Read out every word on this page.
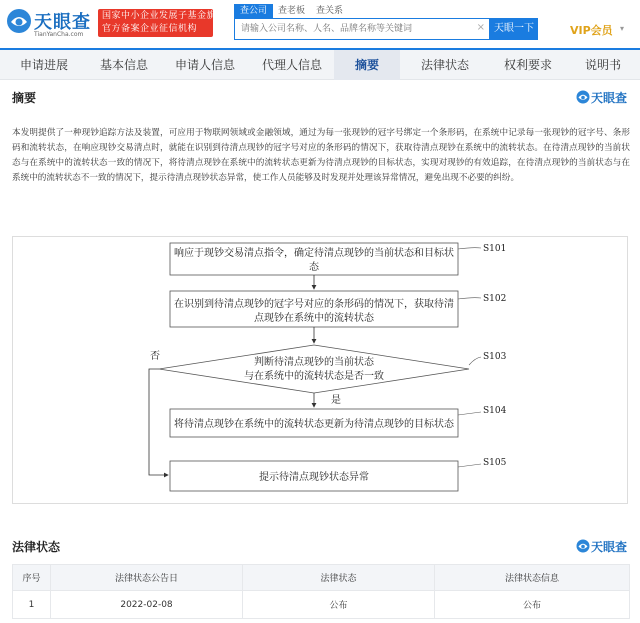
天眼查
TianYanCha.com
国家中小企业发展子基金旗下
官方备案企业征信机构
查公司	查老板 查关系
请输入公司名称、人名、品牌名称等关键词
× 天眼一下	VIP会员 ▾
申请进展	基本信息	申请人信息	代理人信息	摘要	法律状态	权利要求	说明书
摘要	天眼查
本发明提供了一种现钞追踪方法及装置，可应用于物联网领域或金融领域，通过为每一张现钞的冠字号绑定一个条形码，在系统中记录每一张现钞的冠字号、条形码和流转状态，在响应现钞交易清点时，就能在识别到待清点现钞的冠字号对应的条形码的情况下，获取待清点现钞在系统中的流转状态。在待清点现钞的当前状态与在系统中的流转状态一致的情况下，将待清点现钞在系统中的流转状态更新为待清点现钞的目标状态，实现对现钞的有效追踪，在待清点现钞的当前状态与在系统中的流转状态不一致的情况下，提示待清点现钞状态异常，使工作人员能够及时发现并处理该异常情况，避免出现不必要的纠纷。
响应于现钞交易清点指令，确定待清点现钞的当前状态和目标状
态
S101
在识别到待清点现钞的冠字号对应的条形码的情况下，获取待清
点现钞在系统中的流转状态
S102
判断待清点现钞的当前状态
与在系统中的流转状态是否一致
S103
是
将待清点现钞在系统中的流转状态更新为待清点现钞的目标状态
S104
否
提示待清点现钞状态异常
S105
法律状态	天眼查
序号	法律状态公告日	法律状态	法律状态信息
1	2022-02-08	公布	公布
